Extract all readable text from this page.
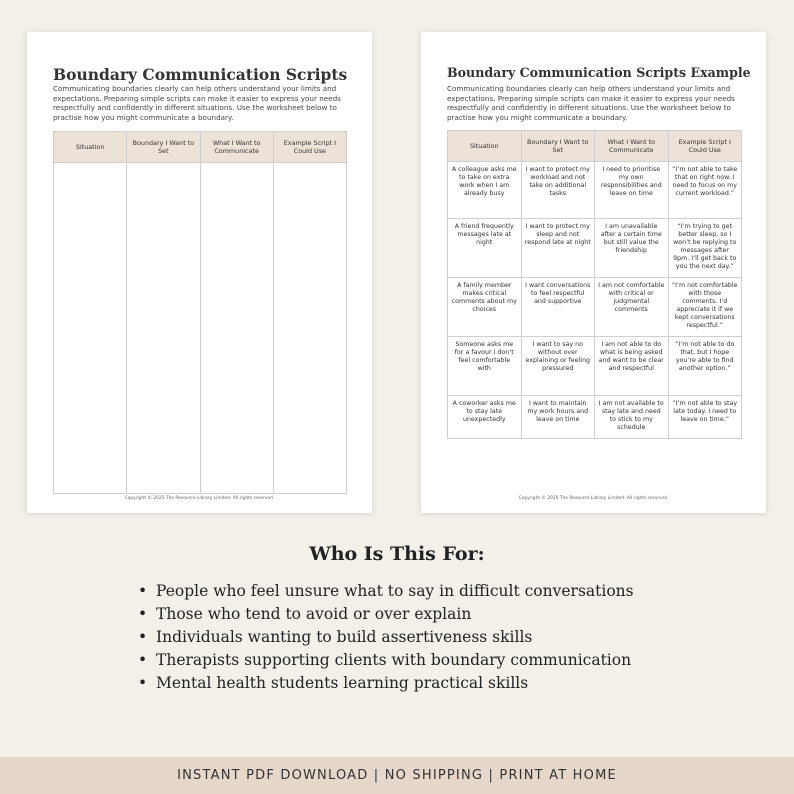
Boundary Communication Scripts
Communicating boundaries clearly can help others understand your limits and expectations. Preparing simple scripts can make it easier to express your needs respectfully and confidently in different situations. Use the worksheet below to practise how you might communicate a boundary.
Situation	Boundary I Want to Set	What I Want to Communicate	Example Script I Could Use

Copyright © 2025 The Resource Library Limited. All rights reserved.
Boundary Communication Scripts Example
Communicating boundaries clearly can help others understand your limits and expectations. Preparing simple scripts can make it easier to express your needs respectfully and confidently in different situations. Use the worksheet below to practise how you might communicate a boundary.
Situation	Boundary I Want to Set	What I Want to Communicate	Example Script I Could Use
A colleague asks me to take on extra work when I am already busy	I want to protect my workload and not take on additional tasks	I need to prioritise my own responsibilities and leave on time	“I’m not able to take that on right now. I need to focus on my current workload.”
A friend frequently messages late at night	I want to protect my sleep and not respond late at night	I am unavailable after a certain time but still value the friendship	“I’m trying to get better sleep, so I won’t be replying to messages after 9pm. I’ll get back to you the next day.”
A family member makes critical comments about my choices	I want conversations to feel respectful and supportive	I am not comfortable with critical or judgmental comments	“I’m not comfortable with those comments. I’d appreciate it if we kept conversations respectful.”
Someone asks me for a favour I don’t feel comfortable with	I want to say no without over explaining or feeling pressured	I am not able to do what is being asked and want to be clear and respectful	“I’m not able to do that, but I hope you’re able to find another option.”
A coworker asks me to stay late unexpectedly	I want to maintain my work hours and leave on time	I am not available to stay late and need to stick to my schedule	“I’m not able to stay late today. I need to leave on time.”
Copyright © 2025 The Resource Library Limited. All rights reserved.
Who Is This For:
• People who feel unsure what to say in difficult conversations
• Those who tend to avoid or over explain
• Individuals wanting to build assertiveness skills
• Therapists supporting clients with boundary communication
• Mental health students learning practical skills
INSTANT PDF DOWNLOAD | NO SHIPPING | PRINT AT HOME
